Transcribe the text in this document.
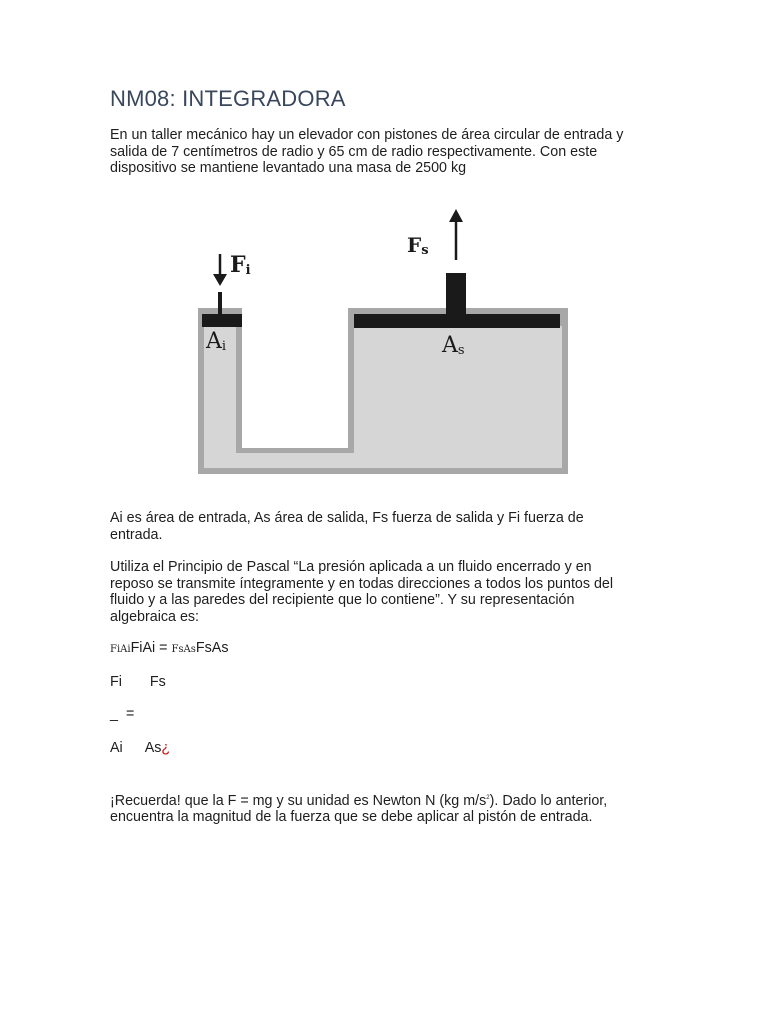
NM08: INTEGRADORA
En un taller mecánico hay un elevador con pistones de área circular de entrada y
salida de 7 centímetros de radio y 65 cm de radio respectivamente. Con este
dispositivo se mantiene levantado una masa de 2500 kg
Fi
Fs
Ai	As
Ai es área de entrada, As área de salida, Fs fuerza de salida y Fi fuerza de
entrada.
Utiliza el Principio de Pascal “La presión aplicada a un fluido encerrado y en
reposo se transmite íntegramente y en todas direcciones a todos los puntos del
fluido y a las paredes del recipiente que lo contiene”. Y su representación
algebraica es:
FiAiFiAi = FsAsFsAs
Fi Fs
_ =
Ai As¿
¡Recuerda! que la F = mg y su unidad es Newton N (kg $m/s^2$). Dado lo anterior,
encuentra la magnitud de la fuerza que se debe aplicar al pistón de entrada.
